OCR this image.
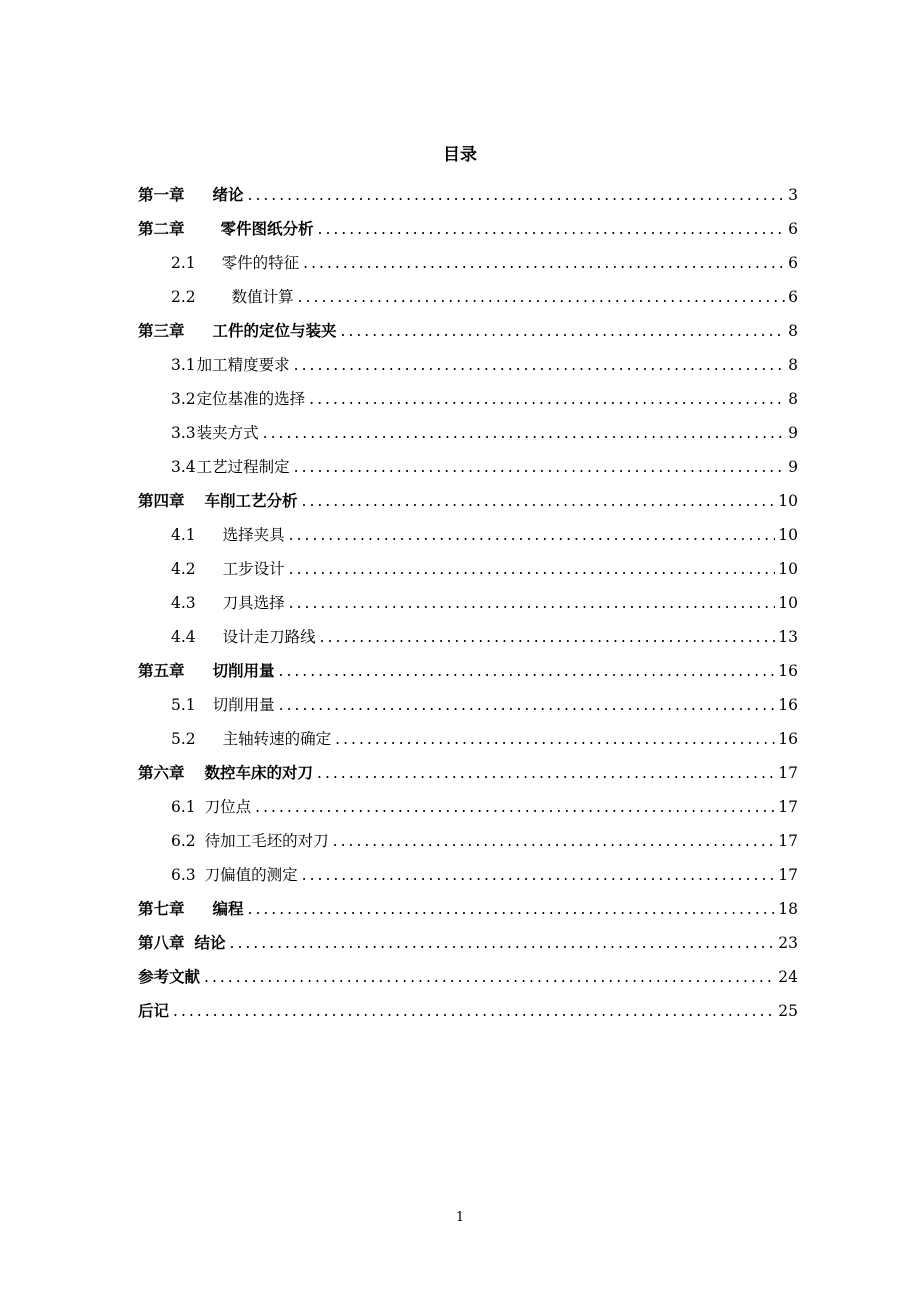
目录
第一章 绪论 .....	3
第二章 零件图纸分析 .....	6
2.1 零件的特征 .....	6
2.2 数值计算 .....	6
第三章 工件的定位与装夹 .....	8
3.1 加工精度要求 .....	8
3.2 定位基准的选择 .....	8
3.3 装夹方式 .....	9
3.4 工艺过程制定 .....	9
第四章 车削工艺分析 .....	10
4.1 选择夹具 .....	10
4.2 工步设计 .....	10
4.3 刀具选择 .....	10
4.4 设计走刀路线 .....	13
第五章 切削用量 .....	16
5.1 切削用量 .....	16
5.2 主轴转速的确定 .....	16
第六章 数控车床的对刀 .....	17
6.1 刀位点 .....	17
6.2 待加工毛坯的对刀 .....	17
6.3 刀偏值的测定 .....	17
第七章 编程 .....	18
第八章 结论 .....	23
参考文献 .....	24
后记 .....	25
1
